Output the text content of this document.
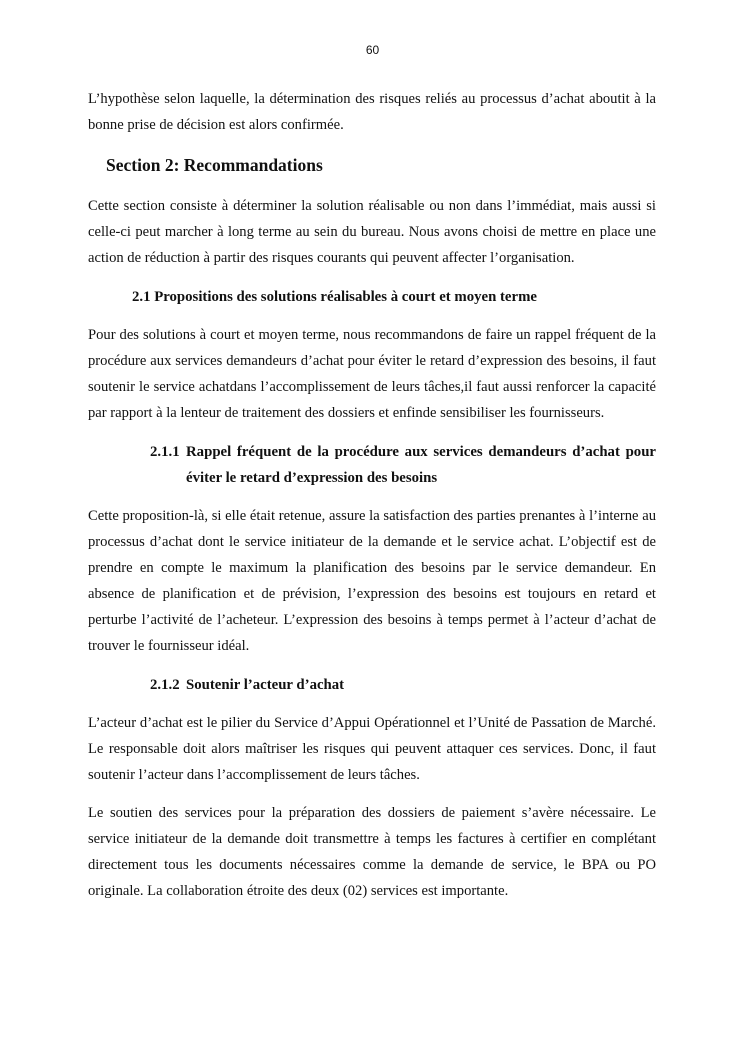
60

L’hypothèse selon laquelle, la détermination des risques reliés au processus d’achat aboutit à la bonne prise de décision est alors confirmée.

Section 2: Recommandations

Cette section consiste à déterminer la solution réalisable ou non dans l’immédiat, mais aussi si celle-ci peut marcher à long terme au sein du bureau. Nous avons choisi de mettre en place une action de réduction à partir des risques courants qui peuvent affecter l’organisation.

2.1 Propositions des solutions réalisables à court et moyen terme

Pour des solutions à court et moyen terme, nous recommandons de faire un rappel fréquent de la procédure aux services demandeurs d’achat pour éviter le retard d’expression des besoins, il faut soutenir le service achatdans l’accomplissement de leurs tâches,il faut aussi renforcer la capacité par rapport à la lenteur de traitement des dossiers et enfinde sensibiliser les fournisseurs.

2.1.1 Rappel fréquent de la procédure aux services demandeurs d’achat pour éviter le retard d’expression des besoins

Cette proposition-là, si elle était retenue, assure la satisfaction des parties prenantes à l’interne au processus d’achat dont le service initiateur de la demande et le service achat. L’objectif est de prendre en compte le maximum la planification des besoins par le service demandeur. En absence de planification et de prévision, l’expression des besoins est toujours en retard et perturbe l’activité de l’acheteur. L’expression des besoins à temps permet à l’acteur d’achat de trouver le fournisseur idéal.

2.1.2 Soutenir l’acteur d’achat

L’acteur d’achat est le pilier du Service d’Appui Opérationnel et l’Unité de Passation de Marché. Le responsable doit alors maîtriser les risques qui peuvent attaquer ces services. Donc, il faut soutenir l’acteur dans l’accomplissement de leurs tâches.

Le soutien des services pour la préparation des dossiers de paiement s’avère nécessaire. Le service initiateur de la demande doit transmettre à temps les factures à certifier en complétant directement tous les documents nécessaires comme la demande de service, le BPA ou PO originale. La collaboration étroite des deux (02) services est importante.
